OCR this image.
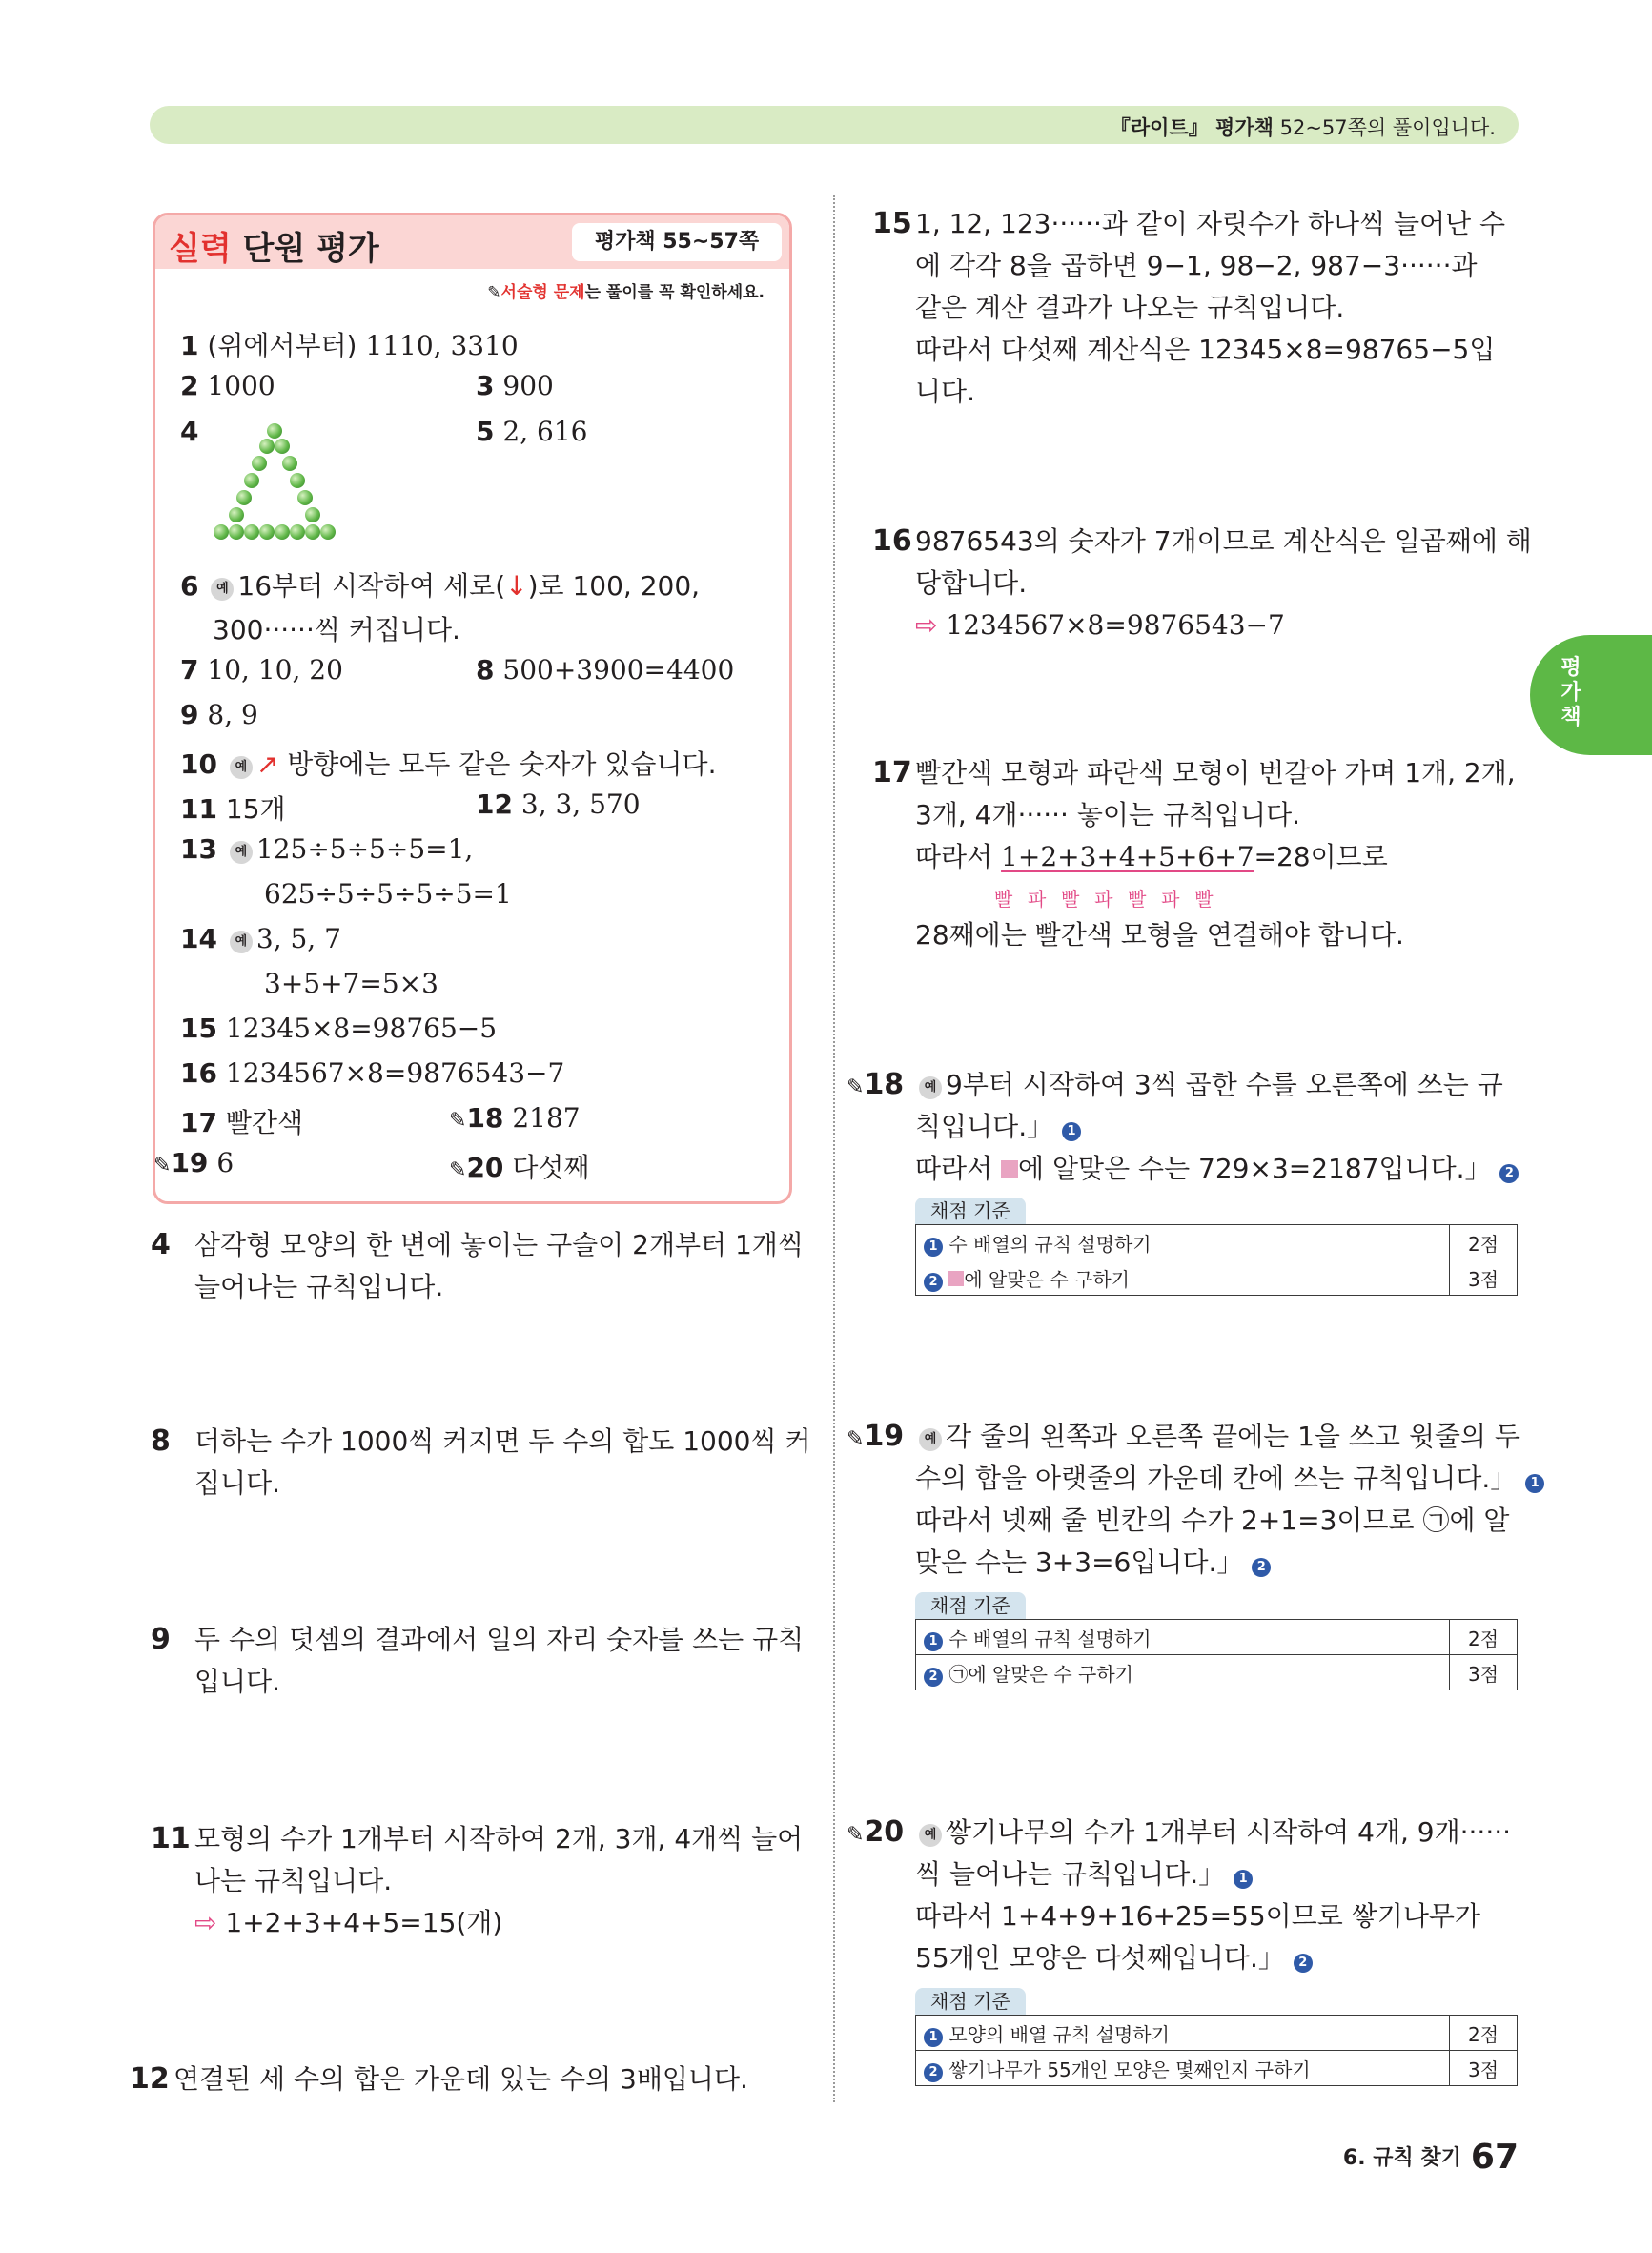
『라이트』 평가책 52~57쪽의 풀이입니다.
실력 단원 평가	평가책 55~57쪽
✎서술형 문제는 풀이를 꼭 확인하세요.
1 (위에서부터) 1110, 3310
2 1000	3 900
4	5 2, 616
6 예 16부터 시작하여 세로(↓)로 100, 200,
300······씩 커집니다.
7 10, 10, 20	8 500+3900=4400
9 8, 9
10 예 ↗ 방향에는 모두 같은 숫자가 있습니다.
11 15개	12 3, 3, 570
13 예 125÷5÷5÷5=1,
625÷5÷5÷5÷5=1
14 예 3, 5, 7
3+5+7=5×3
15 12345×8=98765−5
16 1234567×8=9876543−7
17 빨간색	✎18 2187
✎19 6	✎20 다섯째
4 삼각형 모양의 한 변에 놓이는 구슬이 2개부터 1개씩
늘어나는 규칙입니다.
8 더하는 수가 1000씩 커지면 두 수의 합도 1000씩 커
집니다.
9 두 수의 덧셈의 결과에서 일의 자리 숫자를 쓰는 규칙
입니다.
11 모형의 수가 1개부터 시작하여 2개, 3개, 4개씩 늘어
나는 규칙입니다.
⇨ 1+2+3+4+5=15(개)
12 연결된 세 수의 합은 가운데 있는 수의 3배입니다.
15 1, 12, 123······과 같이 자릿수가 하나씩 늘어난 수
에 각각 8을 곱하면 9−1, 98−2, 987−3······과
같은 계산 결과가 나오는 규칙입니다.
따라서 다섯째 계산식은 12345×8=98765−5입
니다.
16 9876543의 숫자가 7개이므로 계산식은 일곱째에 해
당합니다.
⇨ 1234567×8=9876543−7
17 빨간색 모형과 파란색 모형이 번갈아 가며 1개, 2개,
3개, 4개······ 놓이는 규칙입니다.
따라서 1+2+3+4+5+6+7=28이므로
빨  파  빨  파  빨  파  빨
28째에는 빨간색 모형을 연결해야 합니다.
✎18	예 9부터 시작하여 3씩 곱한 수를 오른쪽에 쓰는 규
칙입니다.」 1
따라서 에 알맞은 수는 729×3=2187입니다.」 2
채점 기준
1 수 배열의 규칙 설명하기	2점
2 에 알맞은 수 구하기	3점
✎19	예 각 줄의 왼쪽과 오른쪽 끝에는 1을 쓰고 윗줄의 두
수의 합을 아랫줄의 가운데 칸에 쓰는 규칙입니다.」 1
따라서 넷째 줄 빈칸의 수가 2+1=3이므로 ㉠에 알
맞은 수는 3+3=6입니다.」 2
채점 기준
1 수 배열의 규칙 설명하기	2점
2 ㉠에 알맞은 수 구하기	3점
✎20	예 쌓기나무의 수가 1개부터 시작하여 4개, 9개······
씩 늘어나는 규칙입니다.」 1
따라서 1+4+9+16+25=55이므로 쌓기나무가
55개인 모양은 다섯째입니다.」 2
채점 기준
1 모양의 배열 규칙 설명하기	2점
2 쌓기나무가 55개인 모양은 몇째인지 구하기	3점
평가책
6. 규칙 찾기 67
